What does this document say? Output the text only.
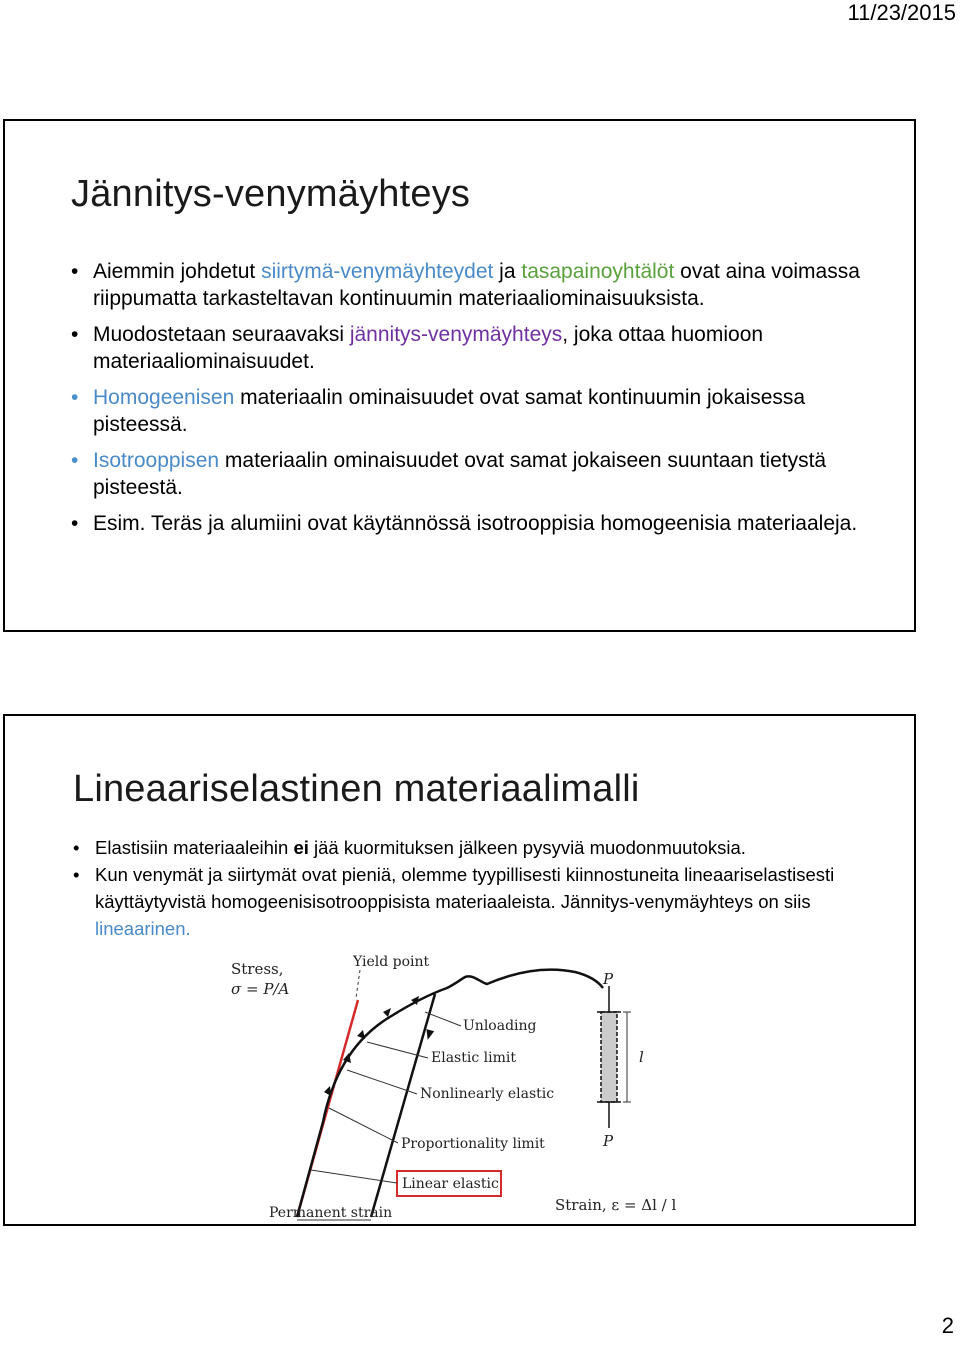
11/23/2015
Jännitys-venymäyhteys
• Aiemmin johdetut siirtymä-venymäyhteydet ja tasapainoyhtälöt ovat aina voimassa riippumatta tarkasteltavan kontinuumin materiaaliominaisuuksista.
• Muodostetaan seuraavaksi jännitys-venymäyhteys, joka ottaa huomioon materiaaliominaisuudet.
• Homogeenisen materiaalin ominaisuudet ovat samat kontinuumin jokaisessa pisteessä.
• Isotrooppisen materiaalin ominaisuudet ovat samat jokaiseen suuntaan tietystä pisteestä.
• Esim. Teräs ja alumiini ovat käytännössä isotrooppisia homogeenisia materiaaleja.
Lineaariselastinen materiaalimalli
• Elastisiin materiaaleihin ei jää kuormituksen jälkeen pysyviä muodonmuutoksia.
• Kun venymät ja siirtymät ovat pieniä, olemme tyypillisesti kiinnostuneita lineaariselastisesti käyttäytyvistä homogeenisisotrooppisista materiaaleista. Jännitys-venymäyhteys on siis lineaarinen.
Stress,
σ = P/A
Yield point
Unloading
Elastic limit
Nonlinearly elastic
Proportionality limit
Linear elastic
Permanent strain	Strain, ε = Δl / l
P
P
l
2
